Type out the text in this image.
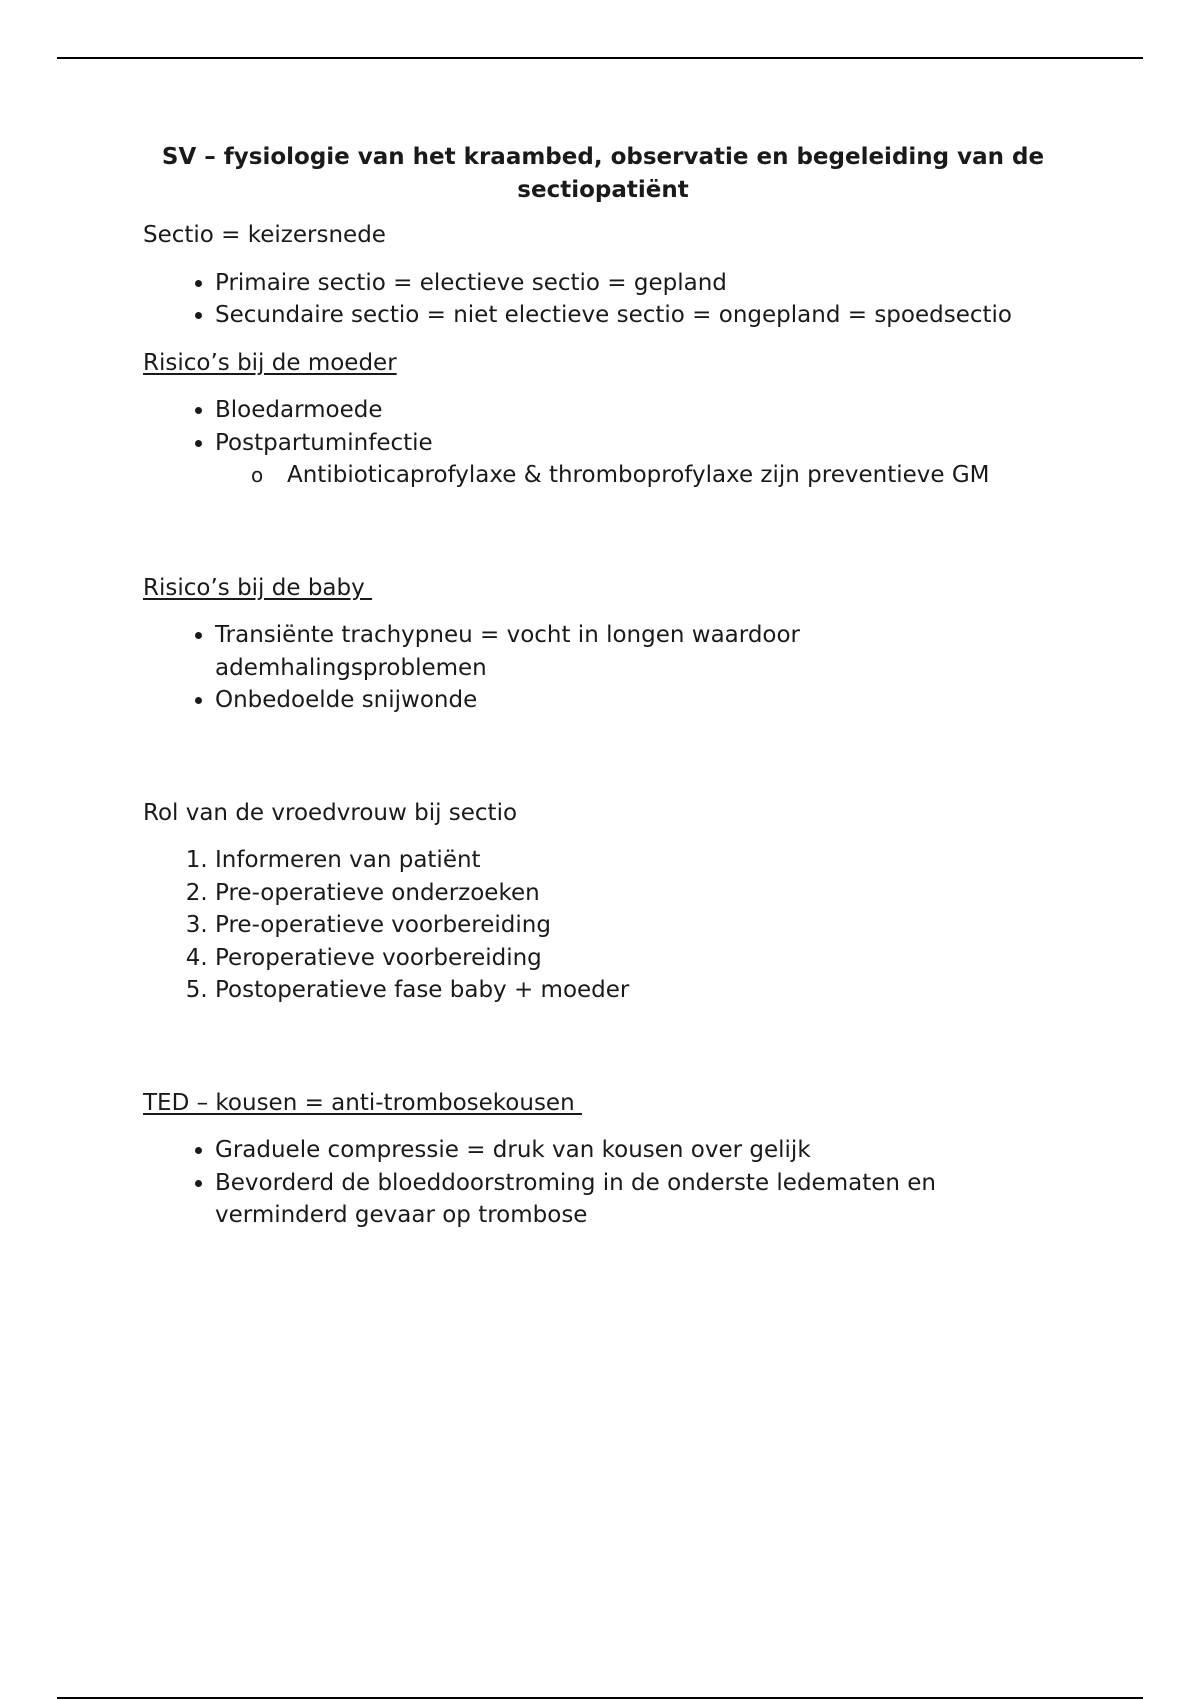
SV – fysiologie van het kraambed, observatie en begeleiding van de sectiopatiënt

Sectio = keizersnede

• Primaire sectio = electieve sectio = gepland
• Secundaire sectio = niet electieve sectio = ongepland = spoedsectio

Risico’s bij de moeder

• Bloedarmoede
• Postpartuminfectie
o Antibioticaprofylaxe & thromboprofylaxe zijn preventieve GM

Risico’s bij de baby

• Transiënte trachypneu = vocht in longen waardoor ademhalingsproblemen
• Onbedoelde snijwonde

Rol van de vroedvrouw bij sectio

1. Informeren van patiënt
2. Pre-operatieve onderzoeken
3. Pre-operatieve voorbereiding
4. Peroperatieve voorbereiding
5. Postoperatieve fase baby + moeder

TED – kousen = anti-trombosekousen

• Graduele compressie = druk van kousen over gelijk
• Bevorderd de bloeddoorstroming in de onderste ledematen en verminderd gevaar op trombose
